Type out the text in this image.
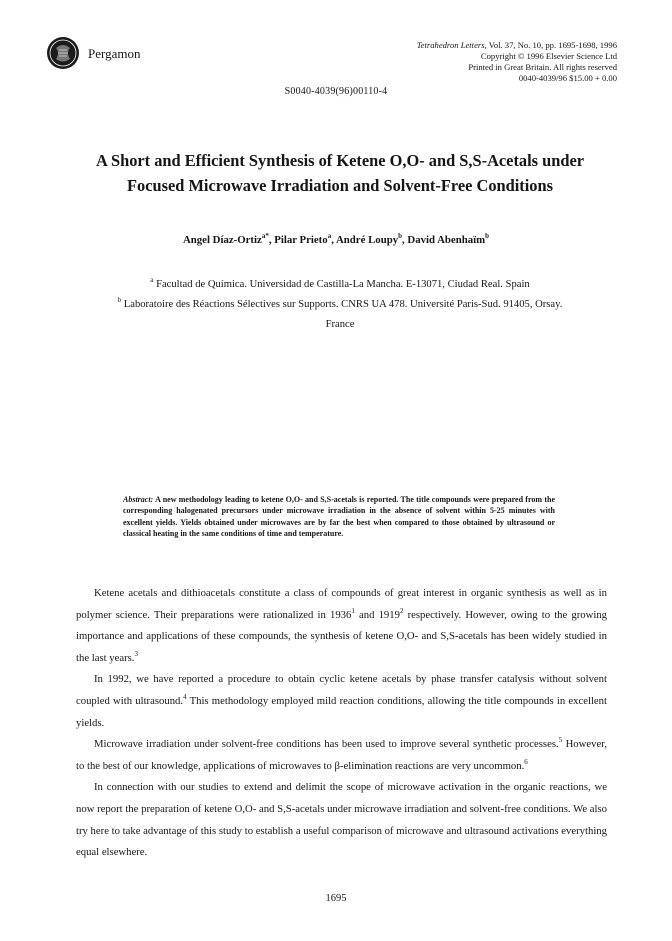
Pergamon
Tetrahedron Letters, Vol. 37, No. 10, pp. 1695-1698, 1996
Copyright © 1996 Elsevier Science Ltd
Printed in Great Britain. All rights reserved
0040-4039/96 $15.00 + 0.00
S0040-4039(96)00110-4
A Short and Efficient Synthesis of Ketene O,O- and S,S-Acetals under
Focused Microwave Irradiation and Solvent-Free Conditions
Angel Díaz-Ortiz$^{a*}$, Pilar Prieto$^a$, André Loupy$^b$, David Abenhaïm$^b$
$^a$ Facultad de Química. Universidad de Castilla-La Mancha. E-13071, Ciudad Real. Spain
$^b$ Laboratoire des Réactions Sélectives sur Supports. CNRS UA 478. Université Paris-Sud. 91405, Orsay.
France
Abstract: A new methodology leading to ketene O,O- and S,S-acetals is reported. The title compounds were prepared from the corresponding halogenated precursors under microwave irradiation in the absence of solvent within 5-25 minutes with excellent yields. Yields obtained under microwaves are by far the best when compared to those obtained by ultrasound or classical heating in the same conditions of time and temperature.

Ketene acetals and dithioacetals constitute a class of compounds of great interest in organic synthesis as well as in polymer science. Their preparations were rationalized in 1936$^1$ and 1919$^2$ respectively. However, owing to the growing importance and applications of these compounds, the synthesis of ketene O,O- and S,S-acetals has been widely studied in the last years.$^3$

In 1992, we have reported a procedure to obtain cyclic ketene acetals by phase transfer catalysis without solvent coupled with ultrasound.$^4$ This methodology employed mild reaction conditions, allowing the title compounds in excellent yields.

Microwave irradiation under solvent-free conditions has been used to improve several synthetic processes.$^5$ However, to the best of our knowledge, applications of microwaves to β-elimination reactions are very uncommon.$^6$

In connection with our studies to extend and delimit the scope of microwave activation in the organic reactions, we now report the preparation of ketene O,O- and S,S-acetals under microwave irradiation and solvent-free conditions. We also try here to take advantage of this study to establish a useful comparison of microwave and ultrasound activations everything equal elsewhere.

1695
